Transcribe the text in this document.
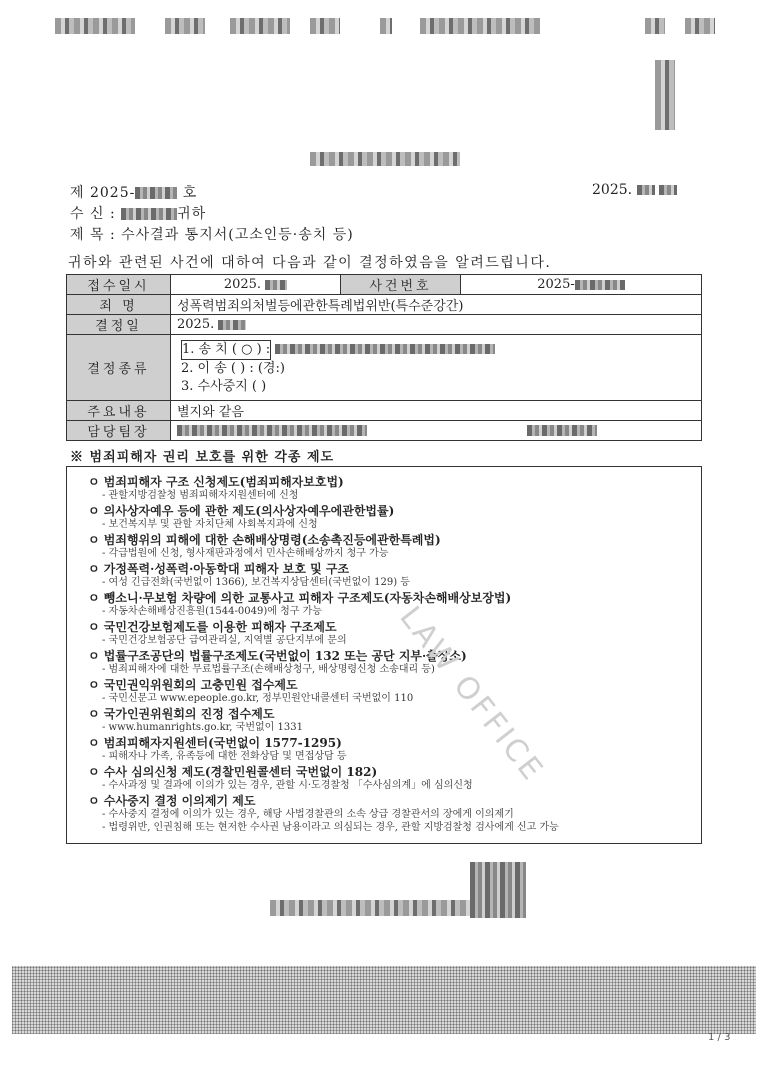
제 2025-	호	2025.
수 신 :	귀하
제 목 : 수사결과 통지서(고소인등·송치 등)
귀하와 관련된 사건에 대하여 다음과 같이 결정하였음을 알려드립니다.
접수일시	2025.	사건번호	2025-
죄 명	성폭력범죄의처벌등에관한특례법위반(특수준강간)		
결정일	2025.		
결정종류	1. 송 치 ( ○ ) :
2. 이 송 ( ) : (경:)
3. 수사중지 ( )		

주요내용	별지와 같음		
담당팀장			
※ 범죄피해자 권리 보호를 위한 각종 제도
ㅇ 범죄피해자 구조 신청제도(범죄피해자보호법)
- 관할지방검찰청 범죄피해자지원센터에 신청
ㅇ 의사상자예우 등에 관한 제도(의사상자예우에관한법률)
- 보건복지부 및 관할 자치단체 사회복지과에 신청
ㅇ 범죄행위의 피해에 대한 손해배상명령(소송촉진등에관한특례법)
- 각급법원에 신청, 형사재판과정에서 민사손해배상까지 청구 가능
ㅇ 가정폭력·성폭력·아동학대 피해자 보호 및 구조
- 여성 긴급전화(국번없이 1366), 보건복지상담센터(국번없이 129) 등
ㅇ 뺑소니·무보험 차량에 의한 교통사고 피해자 구조제도(자동차손해배상보장법)
- 자동차손해배상진흥원(1544-0049)에 청구 가능
ㅇ 국민건강보험제도를 이용한 피해자 구조제도
- 국민건강보험공단 급여관리실, 지역별 공단지부에 문의
ㅇ 법률구조공단의 법률구조제도(국번없이 132 또는 공단 지부·출장소)
- 범죄피해자에 대한 무료법률구조(손해배상청구, 배상명령신청 소송대리 등)
ㅇ 국민권익위원회의 고충민원 접수제도
- 국민신문고 www.epeople.go.kr, 정부민원안내콜센터 국번없이 110
ㅇ 국가인권위원회의 진정 접수제도
- www.humanrights.go.kr, 국번없이 1331
ㅇ 범죄피해자지원센터(국번없이 1577-1295)
- 피해자나 가족, 유족등에 대한 전화상담 및 면접상담 등
ㅇ 수사 심의신청 제도(경찰민원콜센터 국번없이 182)
- 수사과정 및 결과에 이의가 있는 경우, 관할 시·도경찰청 「수사심의계」에 심의신청
ㅇ 수사중지 결정 이의제기 제도
- 수사중지 결정에 이의가 있는 경우, 해당 사법경찰관의 소속 상급 경찰관서의 장에게 이의제기
- 법령위반, 인권침해 또는 현저한 수사권 남용이라고 의심되는 경우, 관할 지방검찰청 검사에게 신고 가능
LAW OFFICE
1 / 3
